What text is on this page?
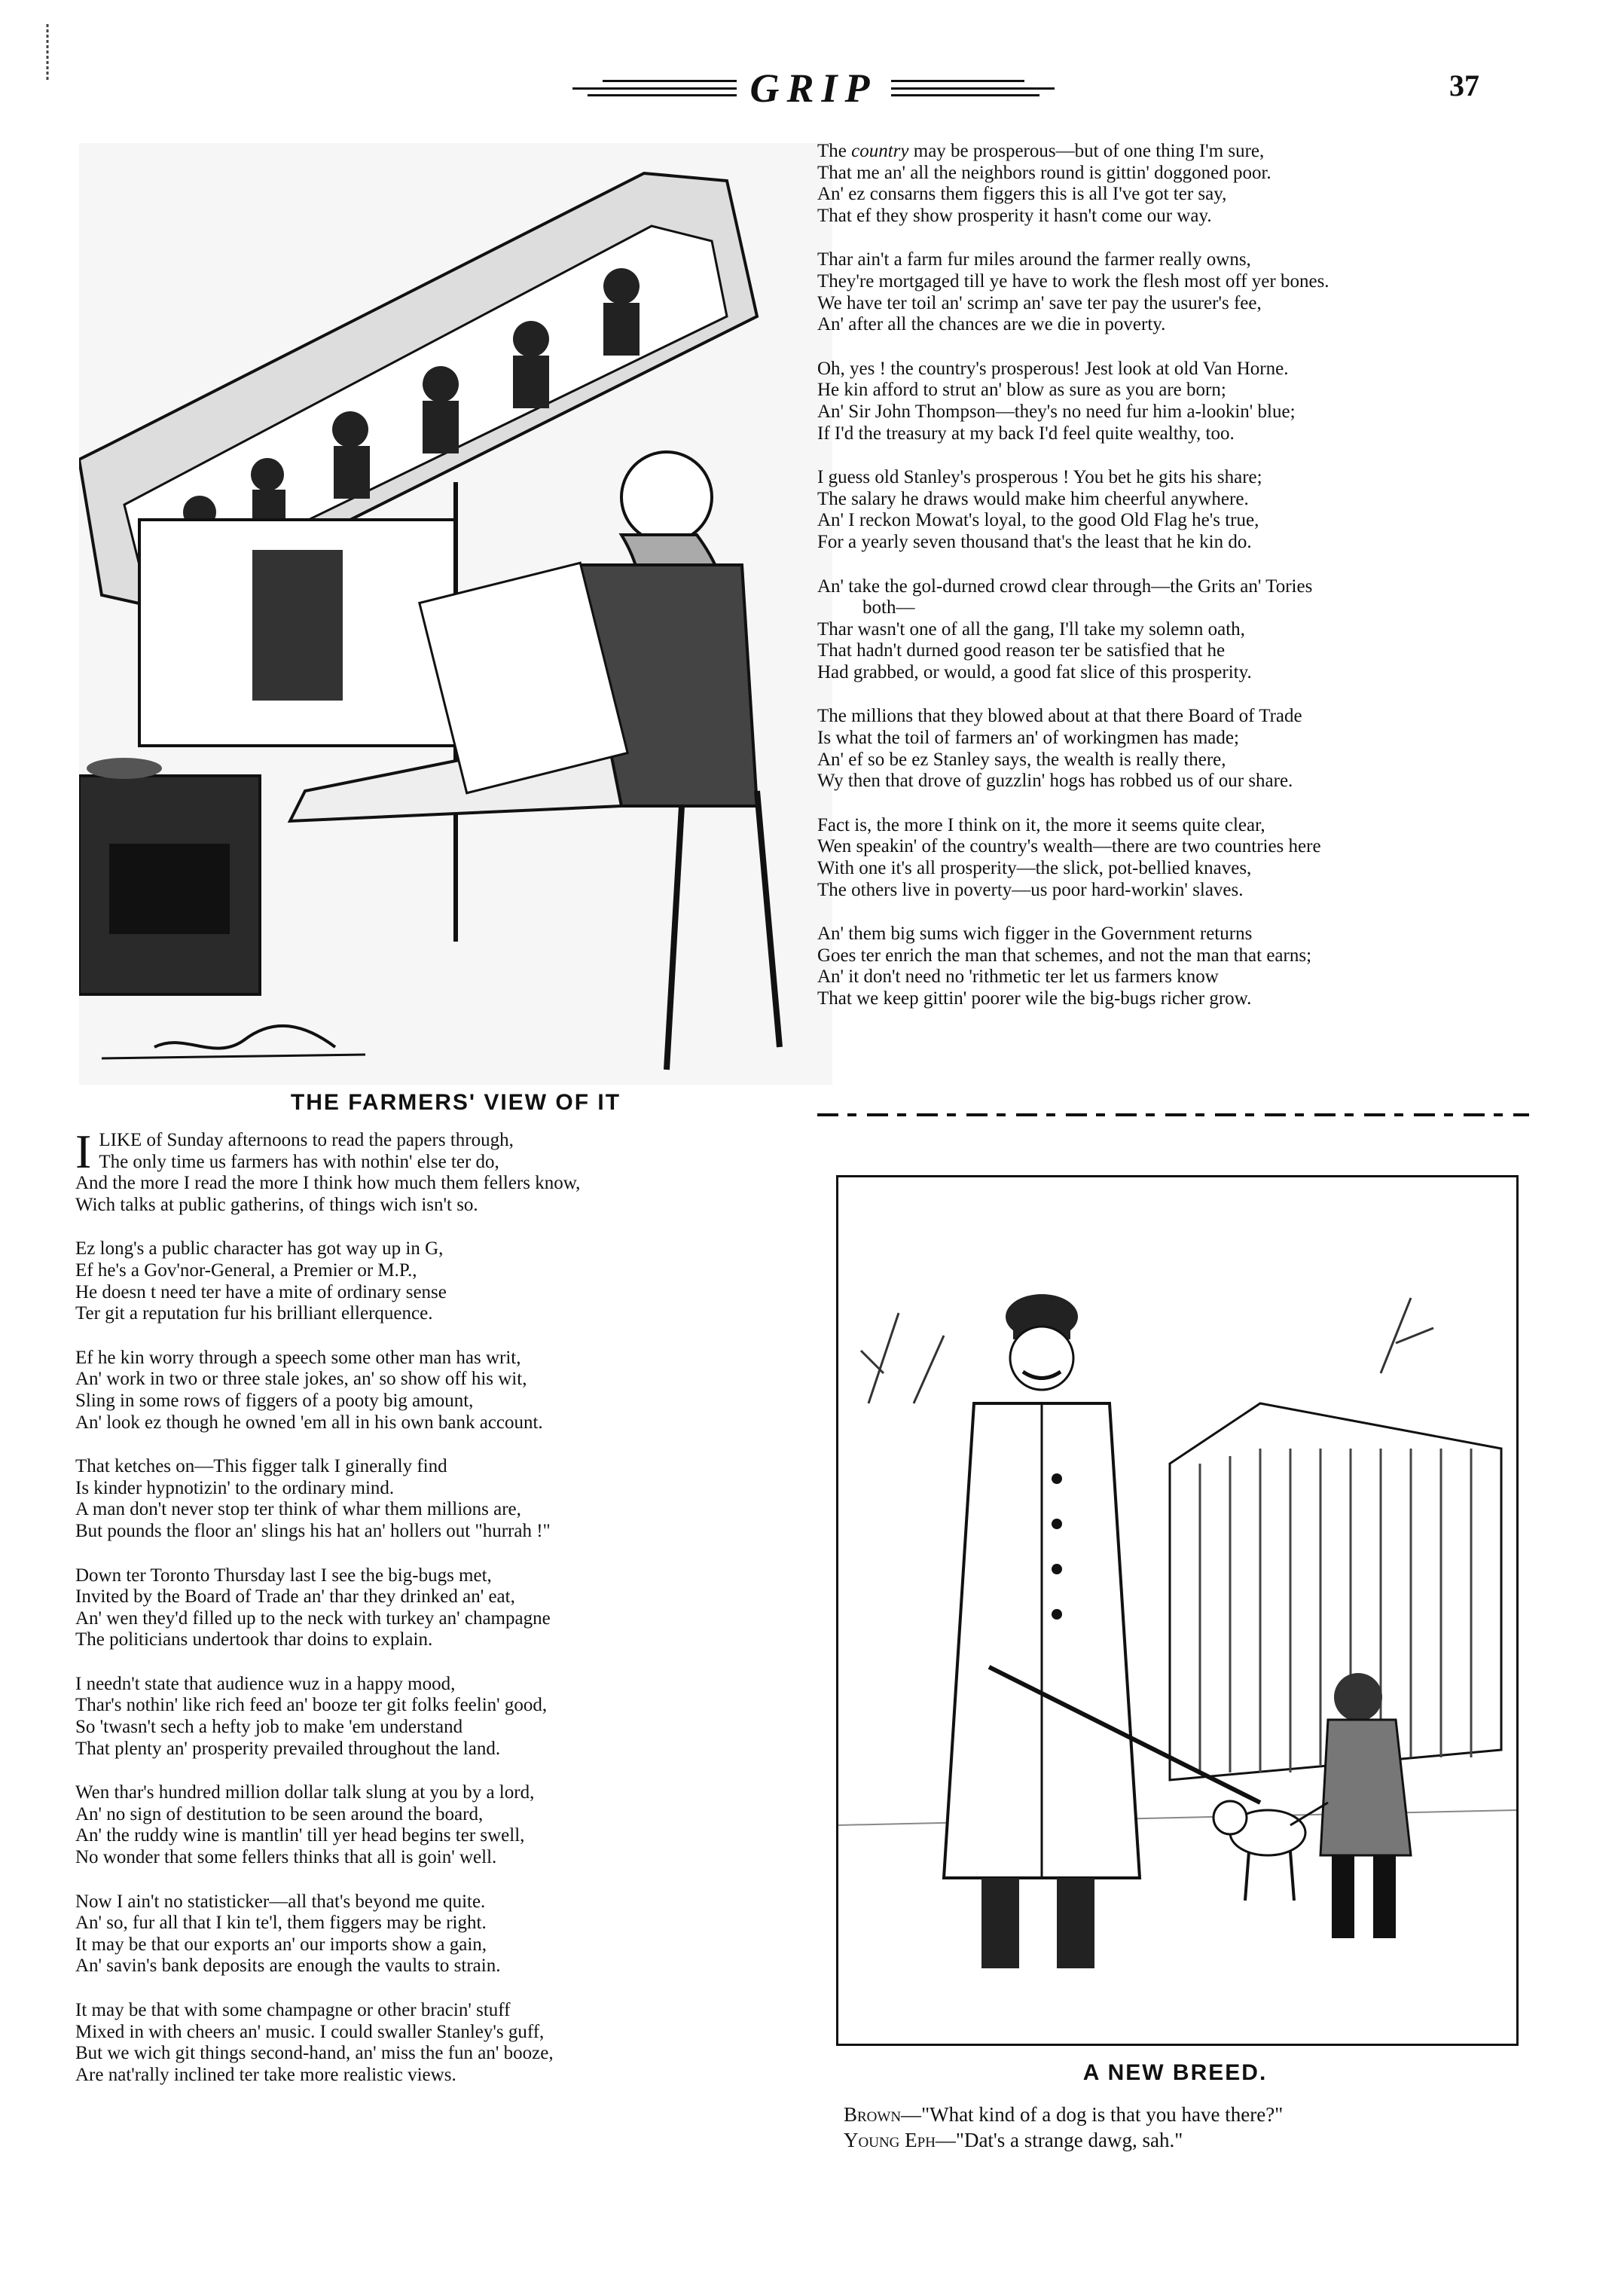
GRIP	37
THE FARMERS' VIEW OF IT
I LIKE of Sunday afternoons to read the papers through,
The only time us farmers has with nothin' else ter do,
And the more I read the more I think how much them fellers know,
Wich talks at public gatherins, of things wich isn't so.
Ez long's a public character has got way up in G,
Ef he's a Gov'nor-General, a Premier or M.P.,
He doesn t need ter have a mite of ordinary sense
Ter git a reputation fur his brilliant ellerquence.
Ef he kin worry through a speech some other man has writ,
An' work in two or three stale jokes, an' so show off his wit,
Sling in some rows of figgers of a pooty big amount,
An' look ez though he owned 'em all in his own bank account.
That ketches on—This figger talk I ginerally find
Is kinder hypnotizin' to the ordinary mind.
A man don't never stop ter think of whar them millions are,
But pounds the floor an' slings his hat an' hollers out "hurrah !"
Down ter Toronto Thursday last I see the big-bugs met,
Invited by the Board of Trade an' thar they drinked an' eat,
An' wen they'd filled up to the neck with turkey an' champagne
The politicians undertook thar doins to explain.
I needn't state that audience wuz in a happy mood,
Thar's nothin' like rich feed an' booze ter git folks feelin' good,
So 'twasn't sech a hefty job to make 'em understand
That plenty an' prosperity prevailed throughout the land.
Wen thar's hundred million dollar talk slung at you by a lord,
An' no sign of destitution to be seen around the board,
An' the ruddy wine is mantlin' till yer head begins ter swell,
No wonder that some fellers thinks that all is goin' well.
Now I ain't no statisticker—all that's beyond me quite.
An' so, fur all that I kin te'l, them figgers may be right.
It may be that our exports an' our imports show a gain,
An' savin's bank deposits are enough the vaults to strain.
It may be that with some champagne or other bracin' stuff
Mixed in with cheers an' music. I could swaller Stanley's guff,
But we wich git things second-hand, an' miss the fun an' booze,
Are nat'rally inclined ter take more realistic views.
The country may be prosperous—but of one thing I'm sure,
That me an' all the neighbors round is gittin' doggoned poor.
An' ez consarns them figgers this is all I've got ter say,
That ef they show prosperity it hasn't come our way.
Thar ain't a farm fur miles around the farmer really owns,
They're mortgaged till ye have to work the flesh most off yer bones.
We have ter toil an' scrimp an' save ter pay the usurer's fee,
An' after all the chances are we die in poverty.
Oh, yes ! the country's prosperous! Jest look at old Van Horne.
He kin afford to strut an' blow as sure as you are born;
An' Sir John Thompson—they's no need fur him a-lookin' blue;
If I'd the treasury at my back I'd feel quite wealthy, too.
I guess old Stanley's prosperous ! You bet he gits his share;
The salary he draws would make him cheerful anywhere.
An' I reckon Mowat's loyal, to the good Old Flag he's true,
For a yearly seven thousand that's the least that he kin do.
An' take the gol-durned crowd clear through—the Grits an' Tories
both—
Thar wasn't one of all the gang, I'll take my solemn oath,
That hadn't durned good reason ter be satisfied that he
Had grabbed, or would, a good fat slice of this prosperity.
The millions that they blowed about at that there Board of Trade
Is what the toil of farmers an' of workingmen has made;
An' ef so be ez Stanley says, the wealth is really there,
Wy then that drove of guzzlin' hogs has robbed us of our share.
Fact is, the more I think on it, the more it seems quite clear,
Wen speakin' of the country's wealth—there are two countries here
With one it's all prosperity—the slick, pot-bellied knaves,
The others live in poverty—us poor hard-workin' slaves.
An' them big sums wich figger in the Government returns
Goes ter enrich the man that schemes, and not the man that earns;
An' it don't need no 'rithmetic ter let us farmers know
That we keep gittin' poorer wile the big-bugs richer grow.
A NEW BREED.
Brown—"What kind of a dog is that you have there?"
Young Eph—"Dat's a strange dawg, sah."
